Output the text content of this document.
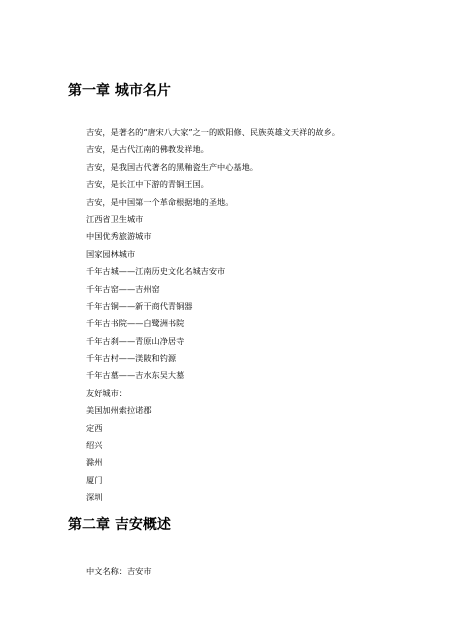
第一章 城市名片
吉安，是著名的“唐宋八大家”之一的欧阳修、民族英雄文天祥的故乡。
吉安，是古代江南的佛教发祥地。
吉安，是我国古代著名的黑釉瓷生产中心基地。
吉安，是长江中下游的青铜王国。
吉安，是中国第一个革命根据地的圣地。
江西省卫生城市
中国优秀旅游城市
国家园林城市
千年古城——江南历史文化名城吉安市
千年古窑——吉州窑
千年古铜——新干商代青铜器
千年古书院——白鹭洲书院
千年古刹——青原山净居寺
千年古村——渼陂和钓源
千年古墓——吉水东吴大墓
友好城市：
美国加州索拉诺郡
定西
绍兴
滁州
厦门
深圳
第二章 吉安概述
中文名称：吉安市
